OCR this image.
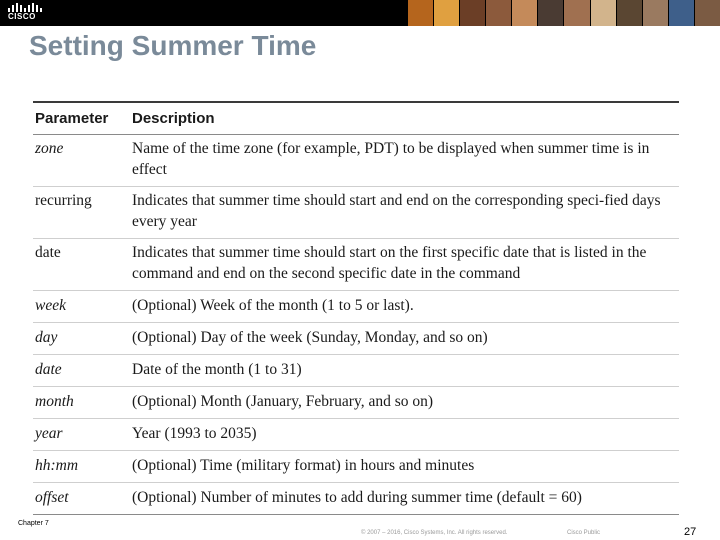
CISCO
Setting Summer Time
Parameter	Description
zone	Name of the time zone (for example, PDT) to be displayed when summer time is in effect
recurring	Indicates that summer time should start and end on the corresponding speci-fied days every year
date	Indicates that summer time should start on the first specific date that is listed in the command and end on the second specific date in the command
week	(Optional) Week of the month (1 to 5 or last).
day	(Optional) Day of the week (Sunday, Monday, and so on)
date	Date of the month (1 to 31)
month	(Optional) Month (January, February, and so on)
year	Year (1993 to 2035)
hh:mm	(Optional) Time (military format) in hours and minutes
offset	(Optional) Number of minutes to add during summer time (default = 60)
Chapter 7
© 2007 – 2016, Cisco Systems, Inc. All rights reserved.	Cisco Public	27
